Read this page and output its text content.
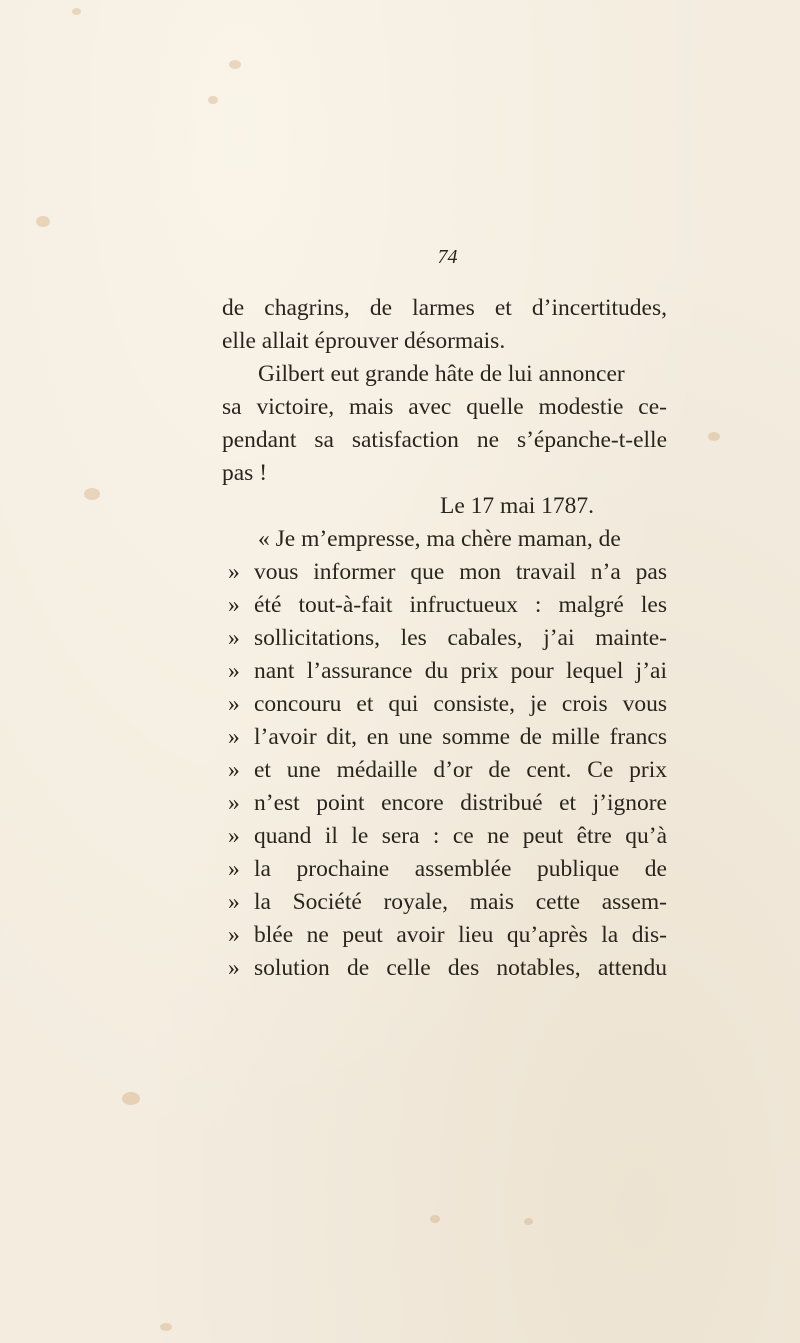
74
de chagrins, de larmes et d’incertitudes,
elle allait éprouver désormais.
Gilbert eut grande hâte de lui annoncer
sa victoire, mais avec quelle modestie ce-
pendant sa satisfaction ne s’épanche-t-elle
pas !
Le 17 mai 1787.
« Je m’empresse, ma chère maman, de
» vous informer que mon travail n’a pas
» été tout-à-fait infructueux : malgré les
» sollicitations, les cabales, j’ai mainte-
» nant l’assurance du prix pour lequel j’ai
» concouru et qui consiste, je crois vous
» l’avoir dit, en une somme de mille francs
» et une médaille d’or de cent. Ce prix
» n’est point encore distribué et j’ignore
» quand il le sera : ce ne peut être qu’à
» la prochaine assemblée publique de
» la Société royale, mais cette assem-
» blée ne peut avoir lieu qu’après la dis-
» solution de celle des notables, attendu
